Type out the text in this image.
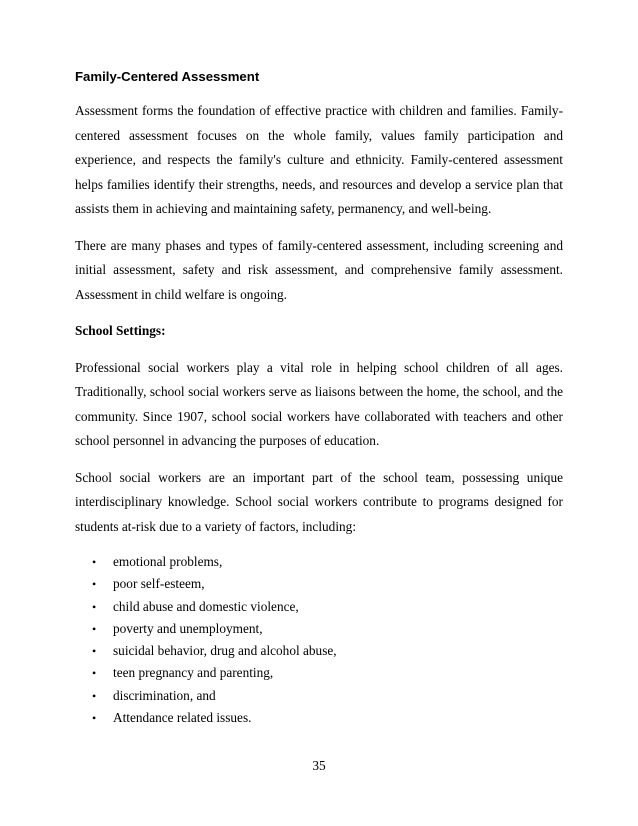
Family-Centered Assessment

Assessment forms the foundation of effective practice with children and families. Family-centered assessment focuses on the whole family, values family participation and experience, and respects the family's culture and ethnicity. Family-centered assessment helps families identify their strengths, needs, and resources and develop a service plan that assists them in achieving and maintaining safety, permanency, and well-being.

There are many phases and types of family-centered assessment, including screening and initial assessment, safety and risk assessment, and comprehensive family assessment. Assessment in child welfare is ongoing.

School Settings:

Professional social workers play a vital role in helping school children of all ages. Traditionally, school social workers serve as liaisons between the home, the school, and the community. Since 1907, school social workers have collaborated with teachers and other school personnel in advancing the purposes of education.

School social workers are an important part of the school team, possessing unique interdisciplinary knowledge. School social workers contribute to programs designed for students at-risk due to a variety of factors, including:

•	emotional problems,
•	poor self-esteem,
•	child abuse and domestic violence,
•	poverty and unemployment,
•	suicidal behavior, drug and alcohol abuse,
•	teen pregnancy and parenting,
•	discrimination, and
•	Attendance related issues.
35
